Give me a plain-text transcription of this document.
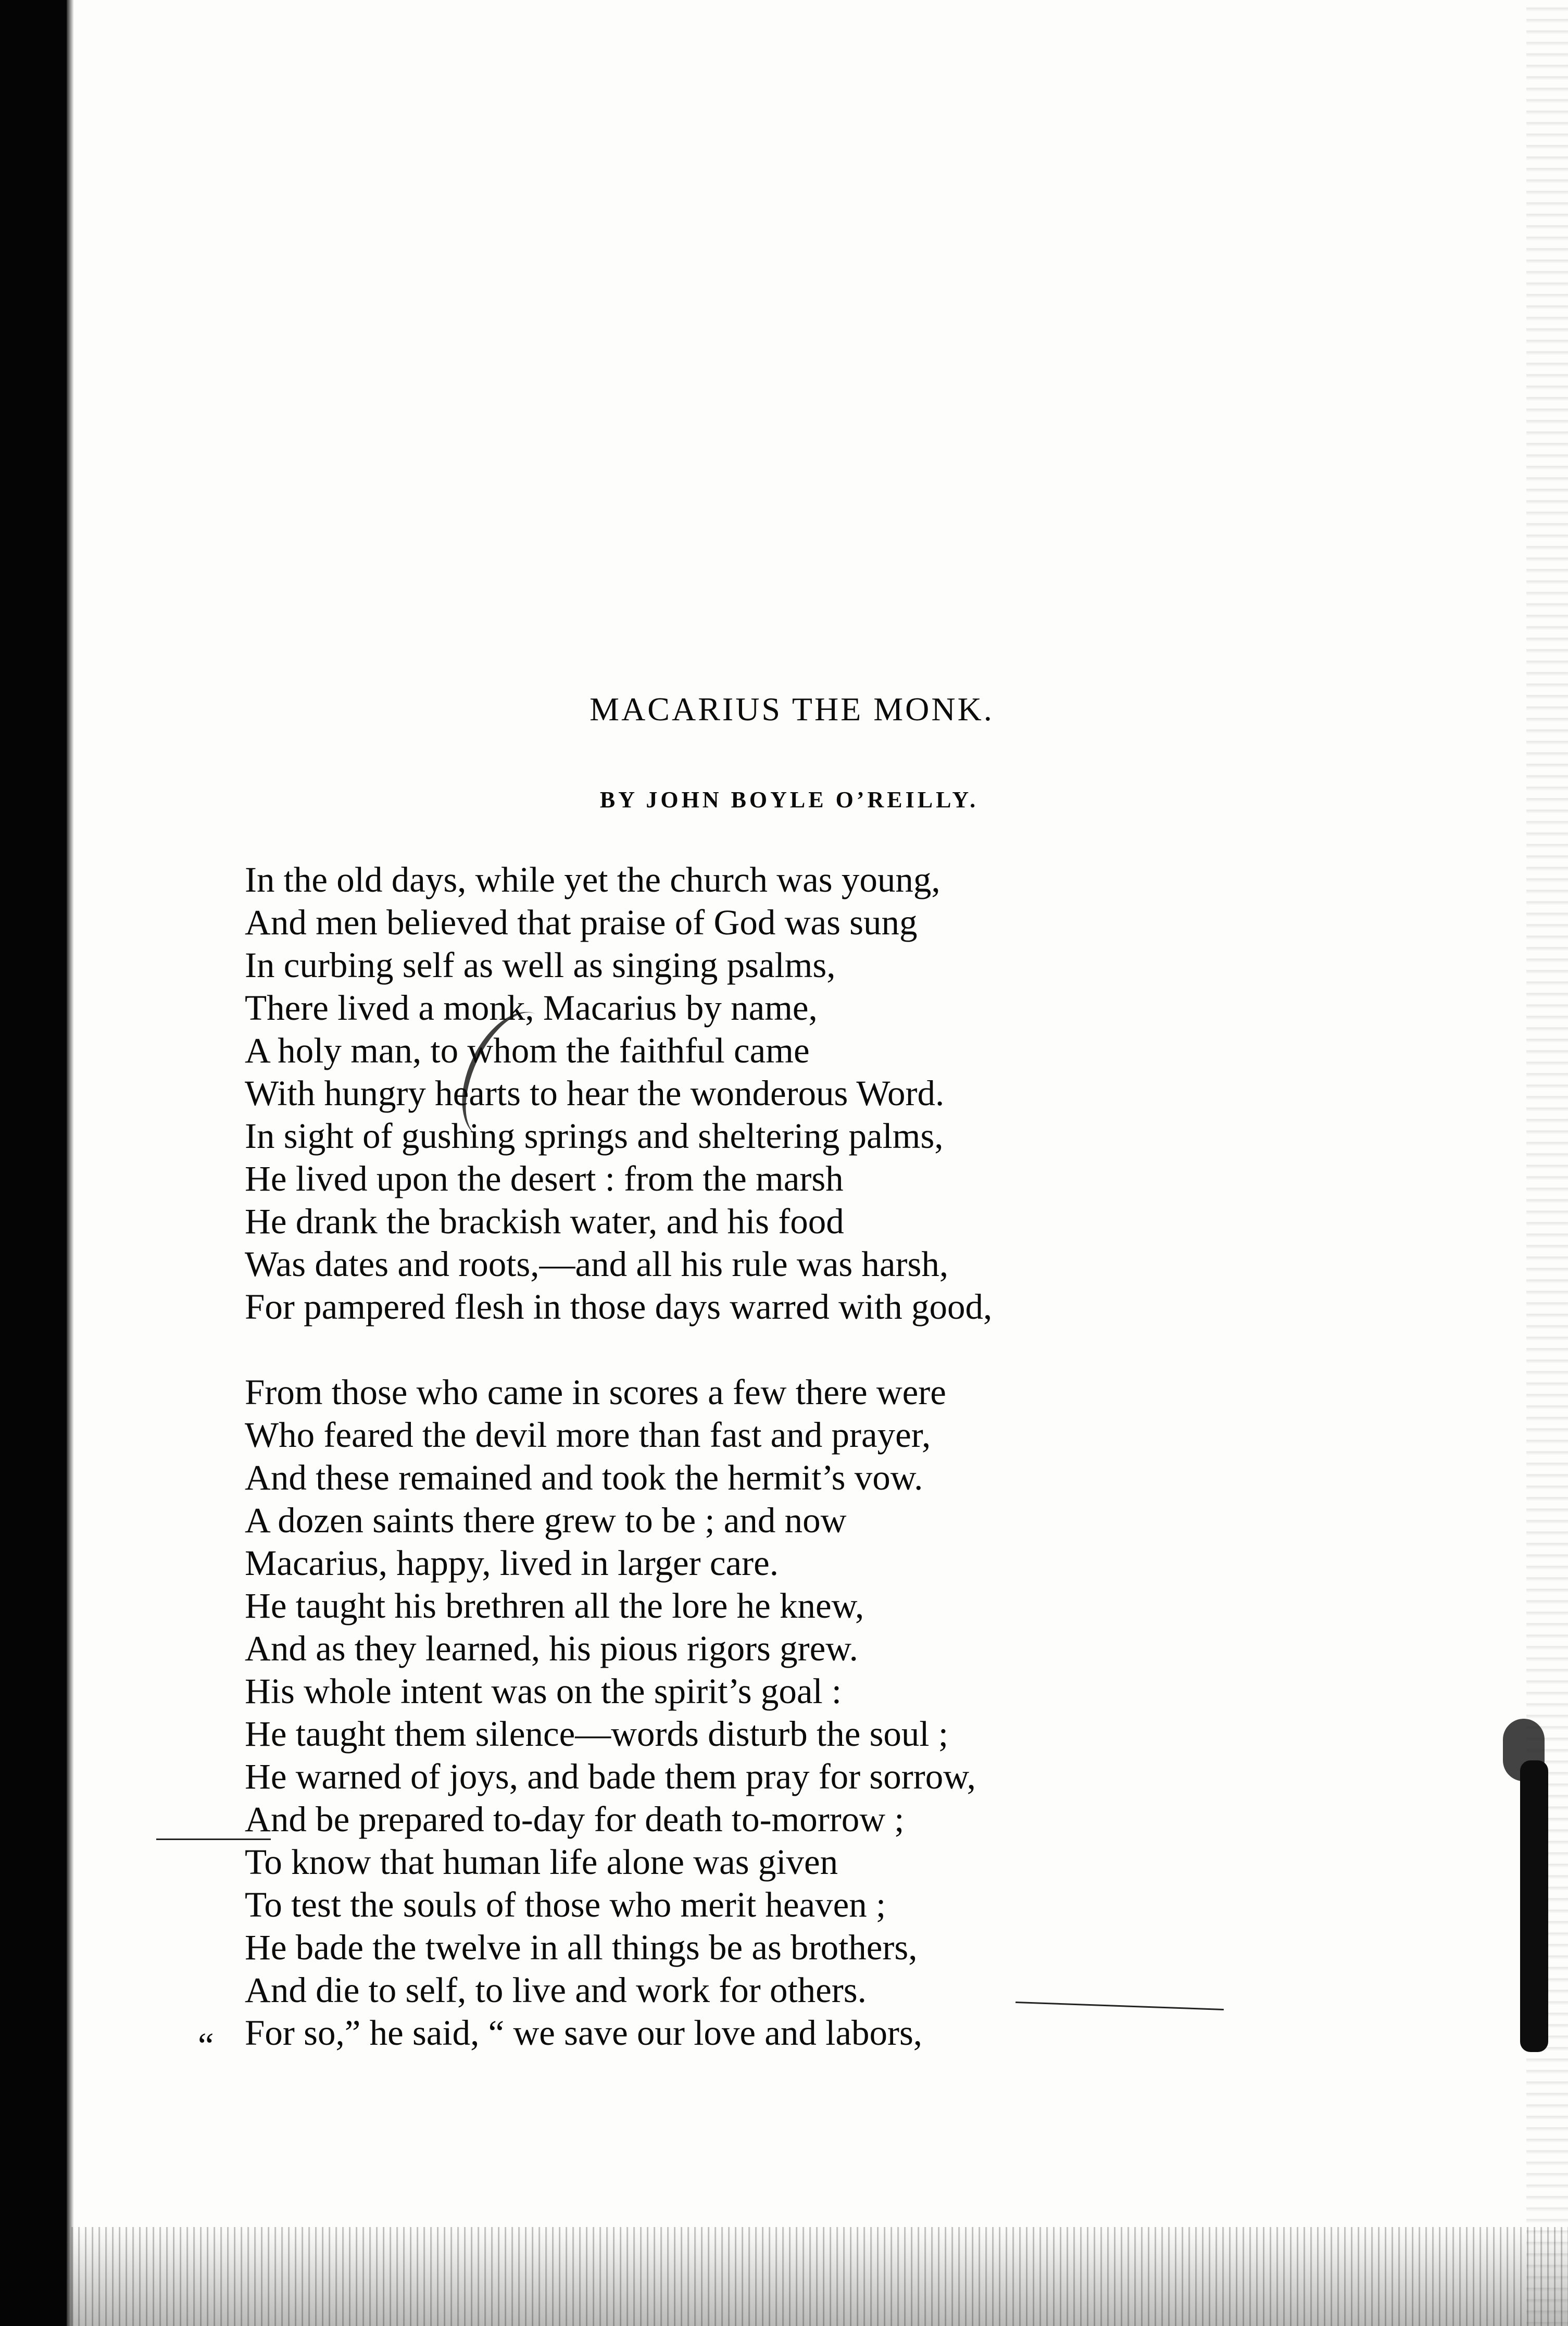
MACARIUS THE MONK.
BY JOHN BOYLE O’REILLY.
In the old days, while yet the church was young,
And men believed that praise of God was sung
In curbing self as well as singing psalms,
There lived a monk, Macarius by name,
A holy man, to whom the faithful came
With hungry hearts to hear the wonderous Word.
In sight of gushing springs and sheltering palms,
He lived upon the desert : from the marsh
He drank the brackish water, and his food
Was dates and roots,—and all his rule was harsh,
For pampered flesh in those days warred with good,
From those who came in scores a few there were
Who feared the devil more than fast and prayer,
And these remained and took the hermit’s vow.
A dozen saints there grew to be ; and now
Macarius, happy, lived in larger care.
He taught his brethren all the lore he knew,
And as they learned, his pious rigors grew.
His whole intent was on the spirit’s goal :
He taught them silence—words disturb the soul ;
He warned of joys, and bade them pray for sorrow,
And be prepared to-day for death to-morrow ;
To know that human life alone was given
To test the souls of those who merit heaven ;
He bade the twelve in all things be as brothers,
And die to self, to live and work for others.
For so,” he said, “ we save our love and labors,
“
